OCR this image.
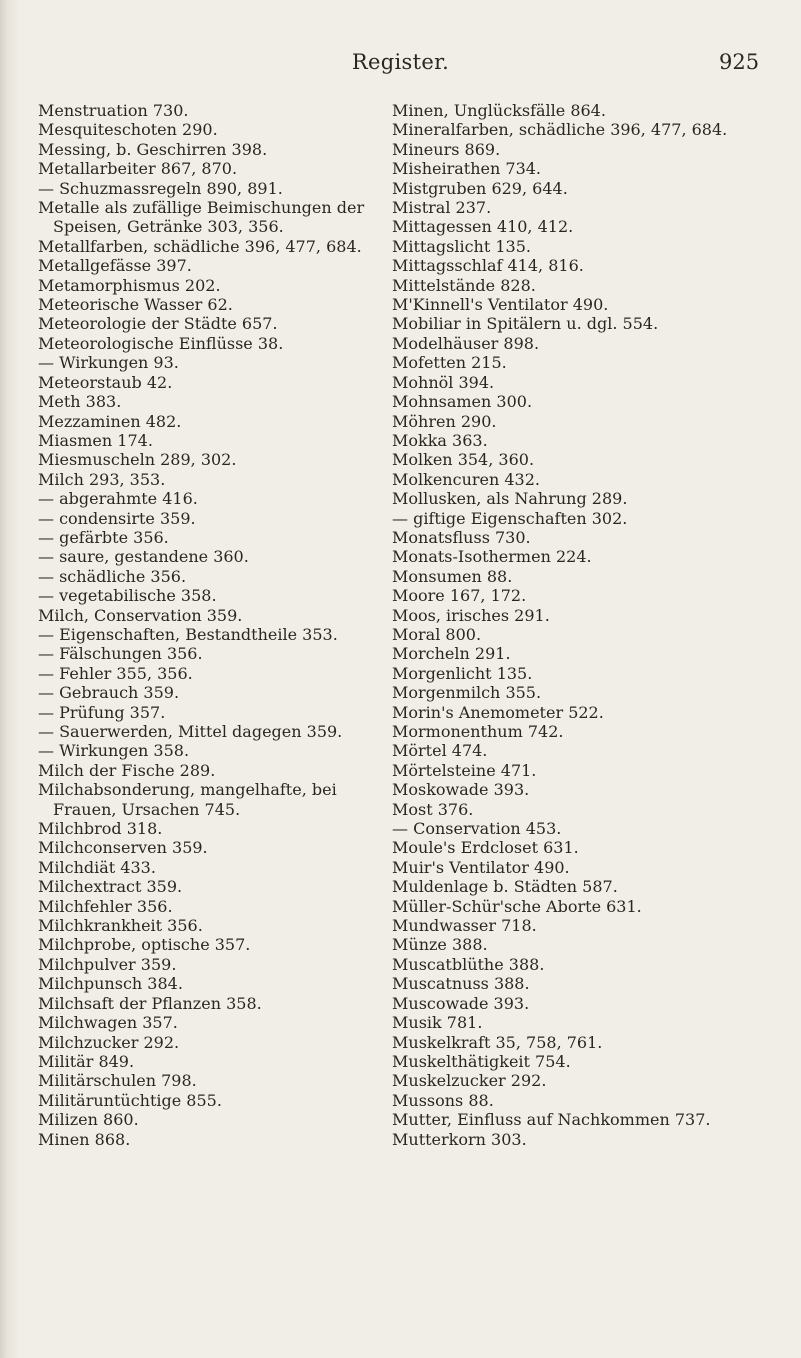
Register.	925
Menstruation 730.
Mesquiteschoten 290.
Messing, b. Geschirren 398.
Metallarbeiter 867, 870.
— Schuzmassregeln 890, 891.
Metalle als zufällige Beimischungen der
Speisen, Getränke 303, 356.
Metallfarben, schädliche 396, 477, 684.
Metallgefässe 397.
Metamorphismus 202.
Meteorische Wasser 62.
Meteorologie der Städte 657.
Meteorologische Einflüsse 38.
— Wirkungen 93.
Meteorstaub 42.
Meth 383.
Mezzaminen 482.
Miasmen 174.
Miesmuscheln 289, 302.
Milch 293, 353.
— abgerahmte 416.
— condensirte 359.
— gefärbte 356.
— saure, gestandene 360.
— schädliche 356.
— vegetabilische 358.
Milch, Conservation 359.
— Eigenschaften, Bestandtheile 353.
— Fälschungen 356.
— Fehler 355, 356.
— Gebrauch 359.
— Prüfung 357.
— Sauerwerden, Mittel dagegen 359.
— Wirkungen 358.
Milch der Fische 289.
Milchabsonderung, mangelhafte, bei
Frauen, Ursachen 745.
Milchbrod 318.
Milchconserven 359.
Milchdiät 433.
Milchextract 359.
Milchfehler 356.
Milchkrankheit 356.
Milchprobe, optische 357.
Milchpulver 359.
Milchpunsch 384.
Milchsaft der Pflanzen 358.
Milchwagen 357.
Milchzucker 292.
Militär 849.
Militärschulen 798.
Militäruntüchtige 855.
Milizen 860.
Minen 868.
Minen, Unglücksfälle 864.
Mineralfarben, schädliche 396, 477, 684.
Mineurs 869.
Misheirathen 734.
Mistgruben 629, 644.
Mistral 237.
Mittagessen 410, 412.
Mittagslicht 135.
Mittagsschlaf 414, 816.
Mittelstände 828.
M'Kinnell's Ventilator 490.
Mobiliar in Spitälern u. dgl. 554.
Modelhäuser 898.
Mofetten 215.
Mohnöl 394.
Mohnsamen 300.
Möhren 290.
Mokka 363.
Molken 354, 360.
Molkencuren 432.
Mollusken, als Nahrung 289.
— giftige Eigenschaften 302.
Monatsfluss 730.
Monats-Isothermen 224.
Monsumen 88.
Moore 167, 172.
Moos, irisches 291.
Moral 800.
Morcheln 291.
Morgenlicht 135.
Morgenmilch 355.
Morin's Anemometer 522.
Mormonenthum 742.
Mörtel 474.
Mörtelsteine 471.
Moskowade 393.
Most 376.
— Conservation 453.
Moule's Erdcloset 631.
Muir's Ventilator 490.
Muldenlage b. Städten 587.
Müller-Schür'sche Aborte 631.
Mundwasser 718.
Münze 388.
Muscatblüthe 388.
Muscatnuss 388.
Muscowade 393.
Musik 781.
Muskelkraft 35, 758, 761.
Muskelthätigkeit 754.
Muskelzucker 292.
Mussons 88.
Mutter, Einfluss auf Nachkommen 737.
Mutterkorn 303.
